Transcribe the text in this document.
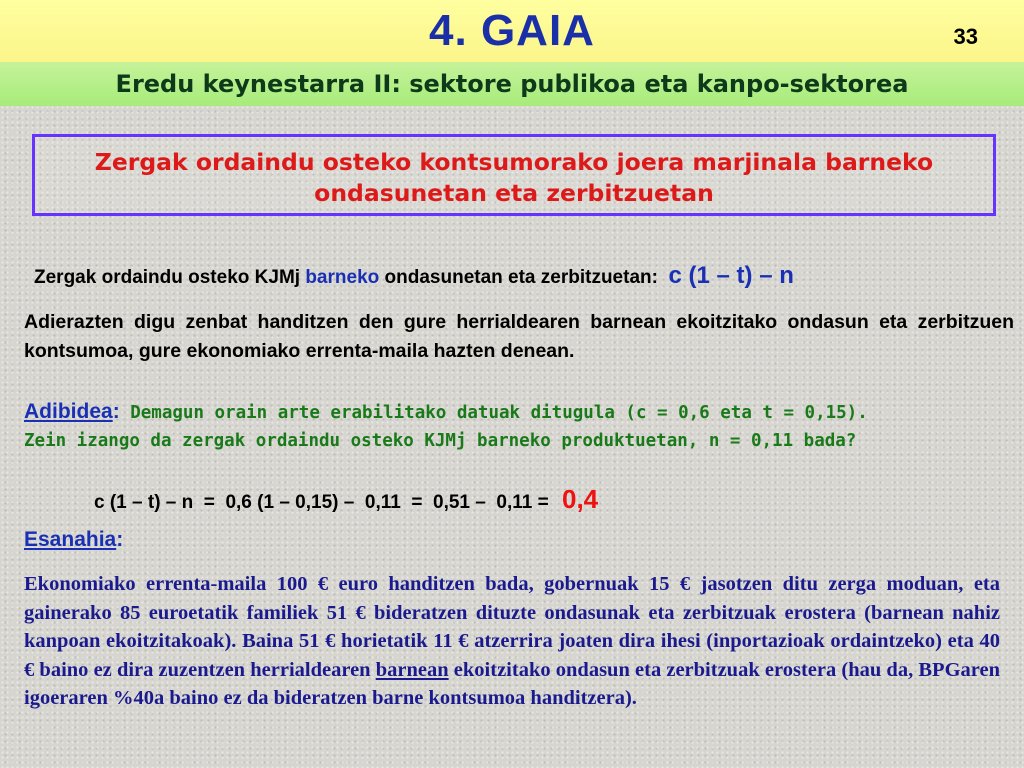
4. GAIA	33
Eredu keynestarra II: sektore publikoa eta kanpo-sektorea
Zergak ordaindu osteko kontsumorako joera marjinala barneko ondasunetan eta zerbitzuetan
Zergak ordaindu osteko KJMj barneko ondasunetan eta zerbitzuetan: c (1 – t) – n
Adierazten digu zenbat handitzen den gure herrialdearen barnean ekoitzitako ondasun eta zerbitzuen kontsumoa, gure ekonomiako errenta-maila hazten denean.
Adibidea: Demagun orain arte erabilitako datuak ditugula (c = 0,6 eta t = 0,15).
Zein izango da zergak ordaindu osteko KJMj barneko produktuetan, n = 0,11 bada?
c (1 – t) – n  =  0,6 (1 – 0,15) –  0,11  =  0,51 –  0,11 = 0,4
Esanahia:
Ekonomiako errenta-maila 100 € euro handitzen bada, gobernuak 15 € jasotzen ditu zerga moduan, eta gainerako 85 euroetatik familiek 51 € bideratzen dituzte ondasunak eta zerbitzuak erostera (barnean nahiz kanpoan ekoitzitakoak). Baina 51 € horietatik 11 € atzerrira joaten dira ihesi (inportazioak ordaintzeko) eta 40 € baino ez dira zuzentzen herrialdearen barnean ekoitzitako ondasun eta zerbitzuak erostera (hau da, BPGaren igoeraren %40a baino ez da bideratzen barne kontsumoa handitzera).
